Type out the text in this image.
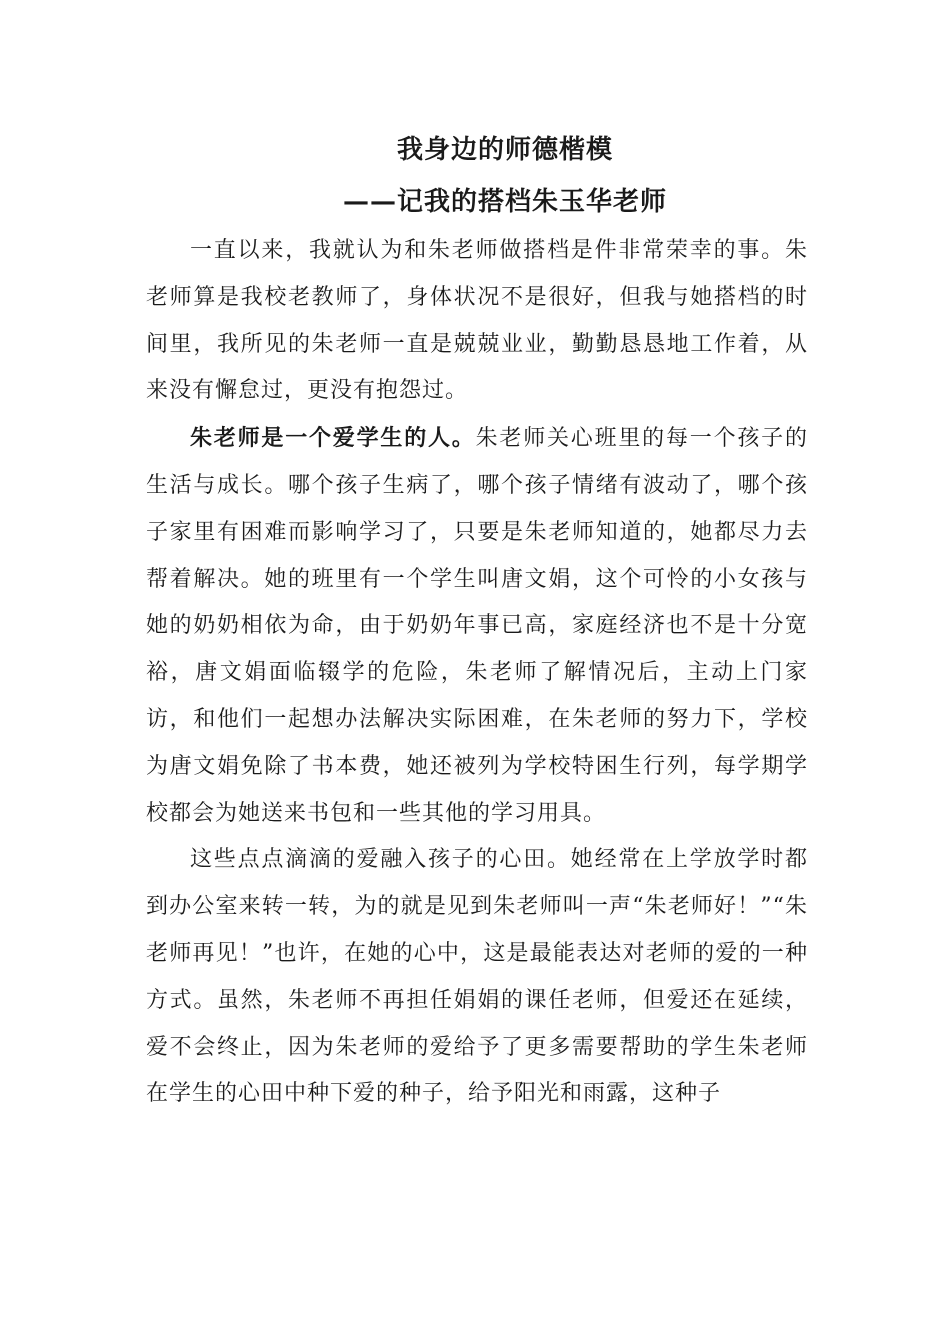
我身边的师德楷模
——记我的搭档朱玉华老师

一直以来，我就认为和朱老师做搭档是件非常荣幸的事。朱老师算是我校老教师了，身体状况不是很好，但我与她搭档的时间里，我所见的朱老师一直是兢兢业业，勤勤恳恳地工作着，从来没有懈怠过，更没有抱怨过。

朱老师是一个爱学生的人。朱老师关心班里的每一个孩子的生活与成长。哪个孩子生病了，哪个孩子情绪有波动了，哪个孩子家里有困难而影响学习了，只要是朱老师知道的，她都尽力去帮着解决。她的班里有一个学生叫唐文娟，这个可怜的小女孩与她的奶奶相依为命，由于奶奶年事已高，家庭经济也不是十分宽裕，唐文娟面临辍学的危险，朱老师了解情况后，主动上门家访，和他们一起想办法解决实际困难，在朱老师的努力下，学校为唐文娟免除了书本费，她还被列为学校特困生行列，每学期学校都会为她送来书包和一些其他的学习用具。

这些点点滴滴的爱融入孩子的心田。她经常在上学放学时都到办公室来转一转，为的就是见到朱老师叫一声“朱老师好！”“朱老师再见！”也许，在她的心中，这是最能表达对老师的爱的一种方式。虽然，朱老师不再担任娟娟的课任老师，但爱还在延续，爱不会终止，因为朱老师的爱给予了更多需要帮助的学生朱老师在学生的心田中种下爱的种子，给予阳光和雨露，这种子
